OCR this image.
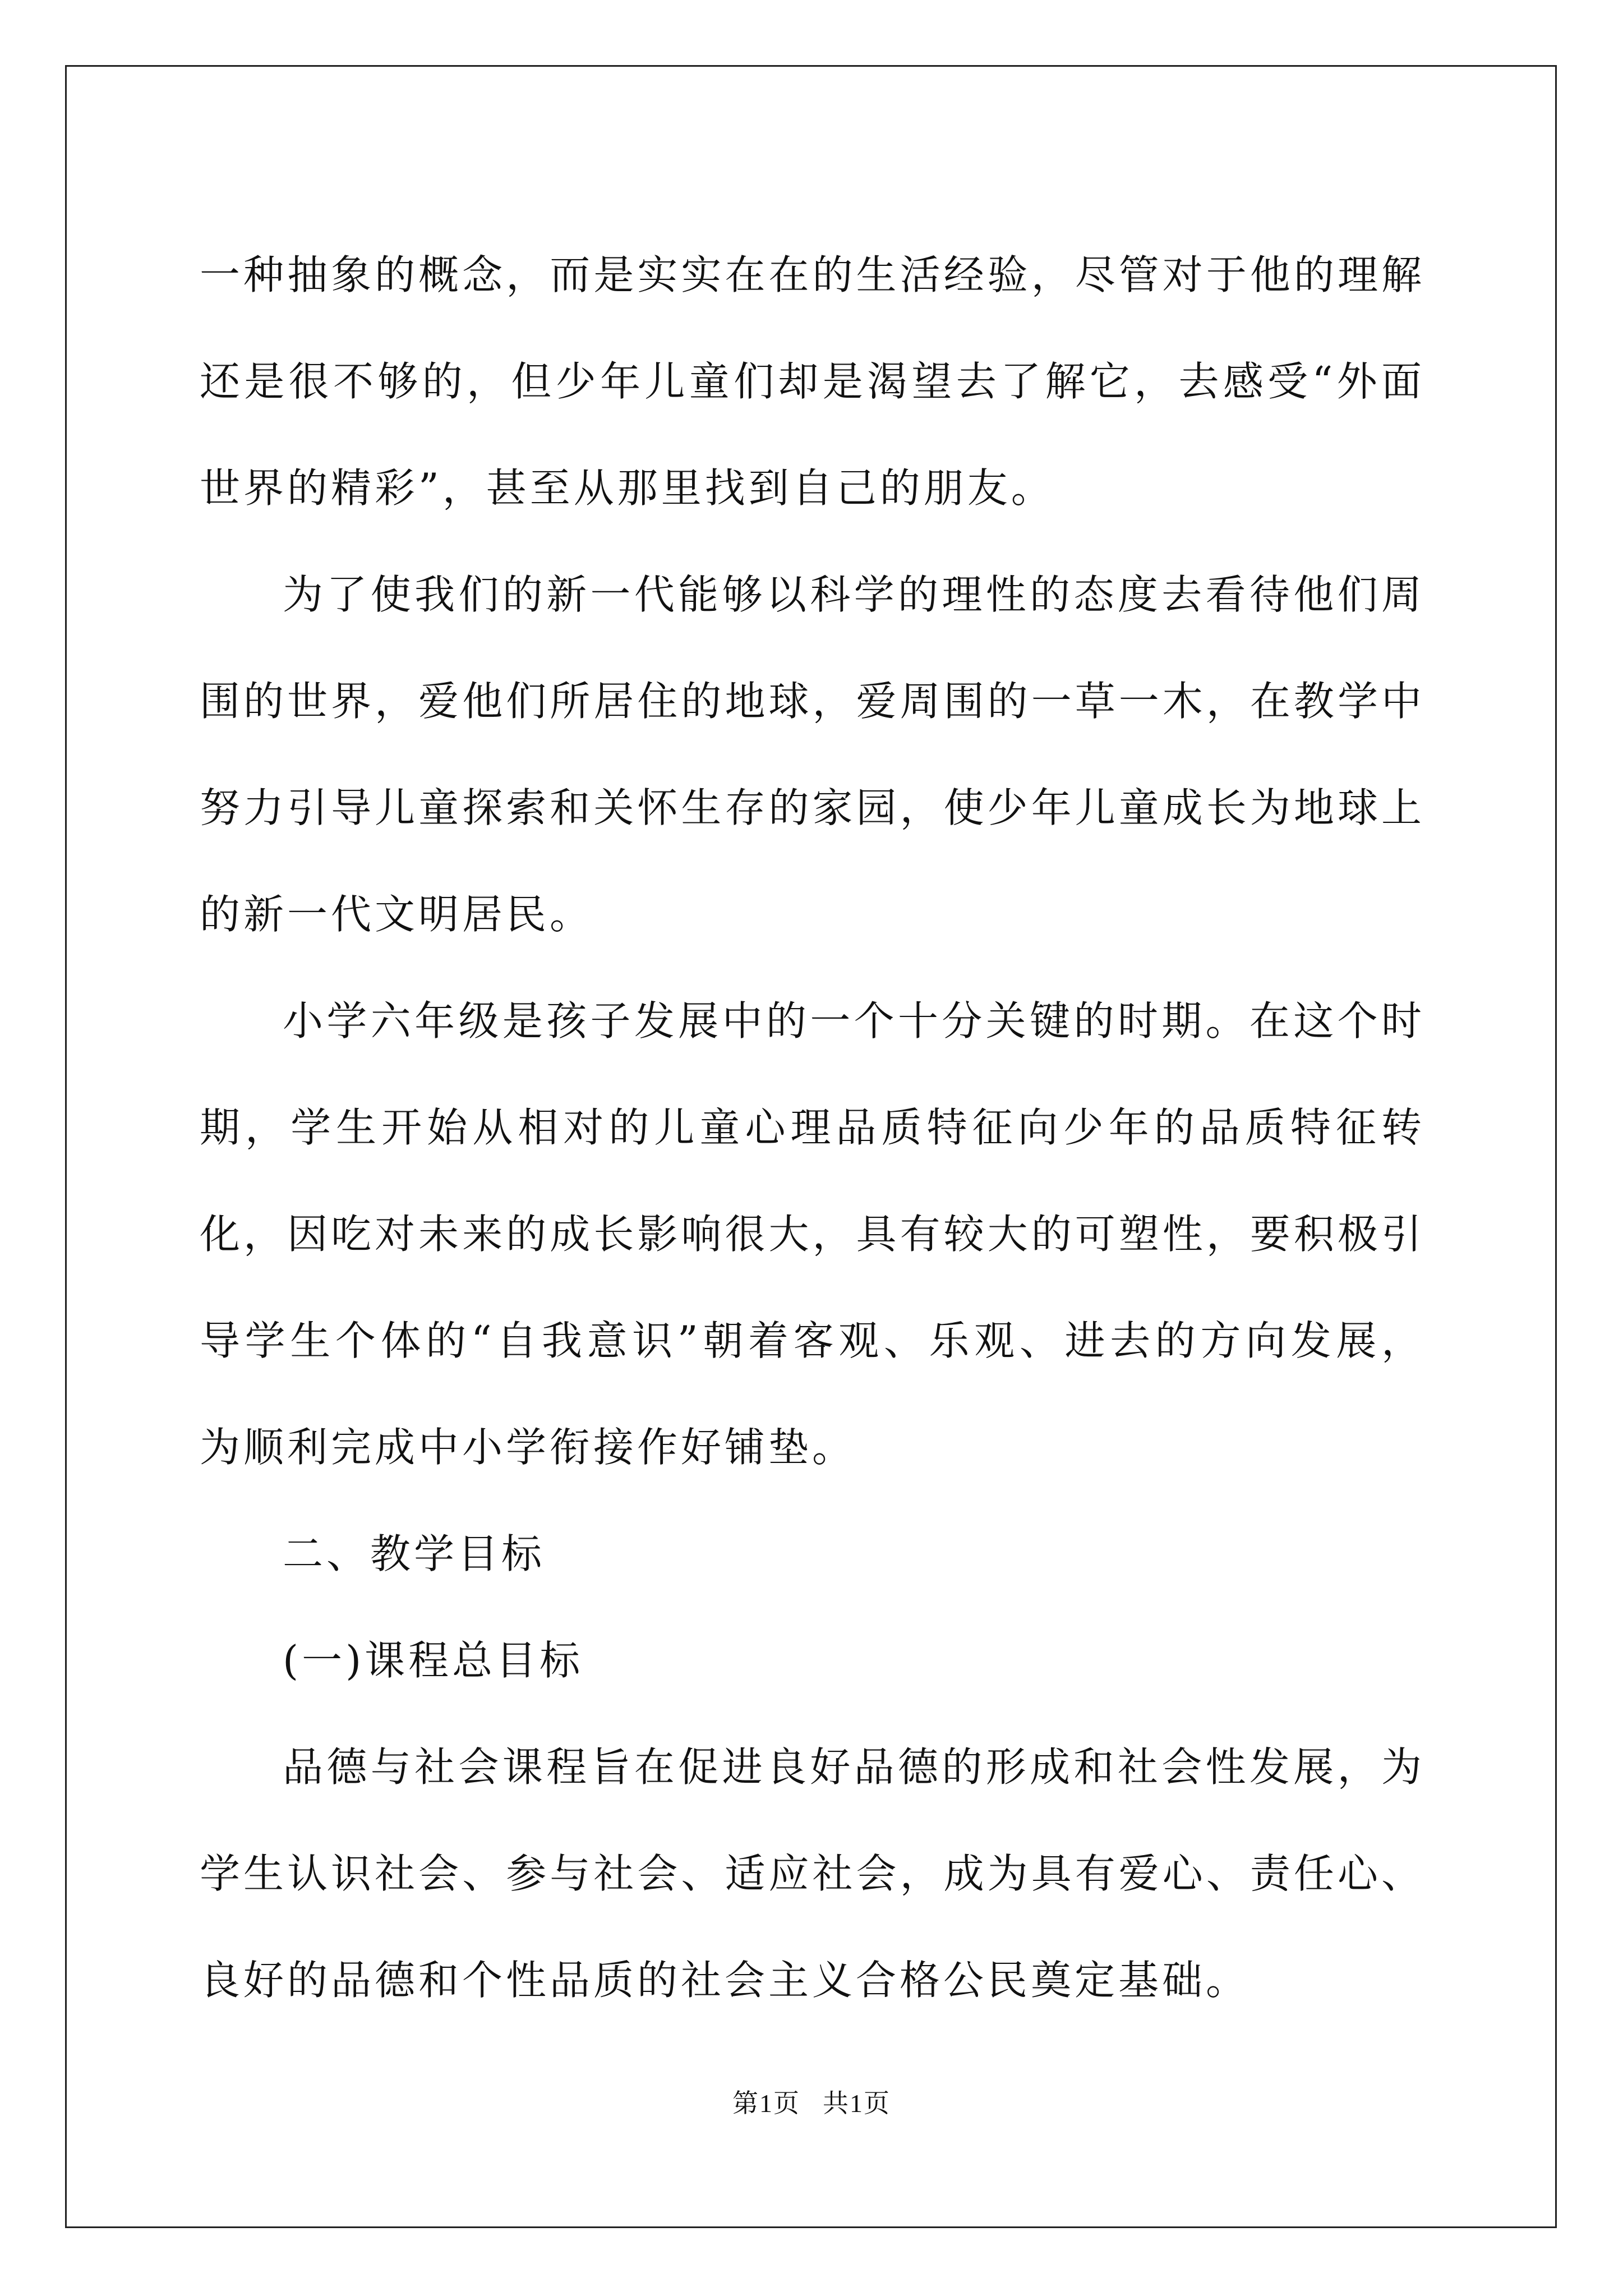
一种抽象的概念，而是实实在在的生活经验，尽管对于他的理解还是很不够的，但少年儿童们却是渴望去了解它，去感受“外面世界的精彩”，甚至从那里找到自己的朋友。

为了使我们的新一代能够以科学的理性的态度去看待他们周围的世界，爱他们所居住的地球，爱周围的一草一木，在教学中努力引导儿童探索和关怀生存的家园，使少年儿童成长为地球上的新一代文明居民。

小学六年级是孩子发展中的一个十分关键的时期。在这个时期，学生开始从相对的儿童心理品质特征向少年的品质特征转化，因吃对未来的成长影响很大，具有较大的可塑性，要积极引导学生个体的“自我意识”朝着客观、乐观、进去的方向发展，为顺利完成中小学衔接作好铺垫。

二、教学目标

(一)课程总目标

品德与社会课程旨在促进良好品德的形成和社会性发展，为学生认识社会、参与社会、适应社会，成为具有爱心、责任心、良好的品德和个性品质的社会主义合格公民奠定基础。

第1页 共1页
